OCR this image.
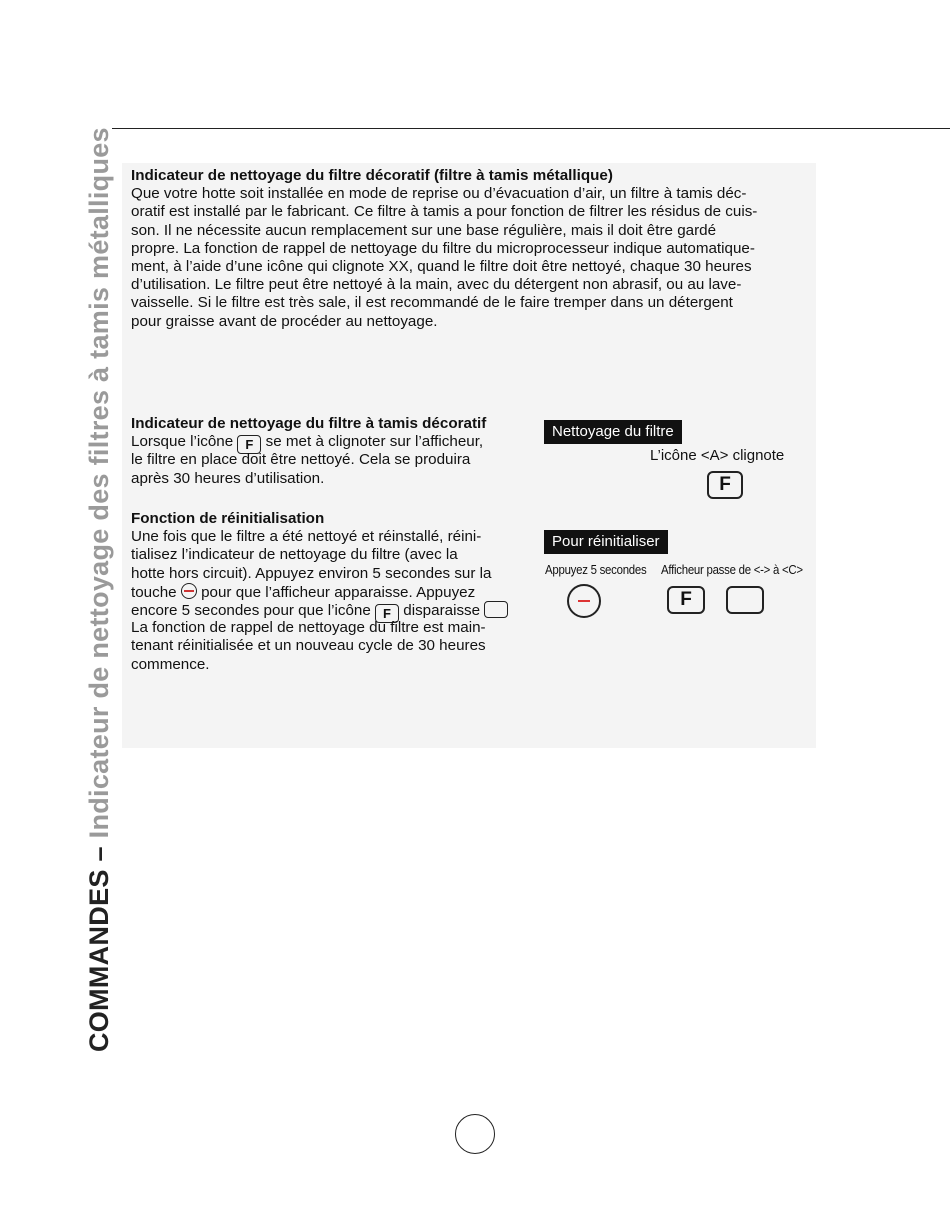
COMMANDES – Indicateur de nettoyage des filtres à tamis métalliques Indicateur de nettoyage du filtre décoratif (filtre à tamis métallique)
Que votre hotte soit installée en mode de reprise ou d’évacuation d’air, un filtre à tamis déc-
oratif est installé par le fabricant. Ce filtre à tamis a pour fonction de filtrer les résidus de cuis-
son. Il ne nécessite aucun remplacement sur une base régulière, mais il doit être gardé
propre. La fonction de rappel de nettoyage du filtre du microprocesseur indique automatique-
ment, à l’aide d’une icône qui clignote XX, quand le filtre doit être nettoyé, chaque 30 heures
d’utilisation. Le filtre peut être nettoyé à la main, avec du détergent non abrasif, ou au lave-
vaisselle. Si le filtre est très sale, il est recommandé de le faire tremper dans un détergent
pour graisse avant de procéder au nettoyage.
Indicateur de nettoyage du filtre à tamis décoratif
Lorsque l’icône F se met à clignoter sur l’afficheur,
le filtre en place doit être nettoyé. Cela se produira
après 30 heures d’utilisation.
Nettoyage du filtre
L’icône <A> clignote
F
Fonction de réinitialisation
Une fois que le filtre a été nettoyé et réinstallé, réini-
tialisez l’indicateur de nettoyage du filtre (avec la
hotte hors circuit). Appuyez environ 5 secondes sur la
touche pour que l’afficheur apparaisse. Appuyez
encore 5 secondes pour que l’icône F disparaisse
La fonction de rappel de nettoyage du filtre est main-
tenant réinitialisée et un nouveau cycle de 30 heures
commence.
Pour réinitialiser
Appuyez 5 secondes Afficheur passe de <-> à <C>
F
